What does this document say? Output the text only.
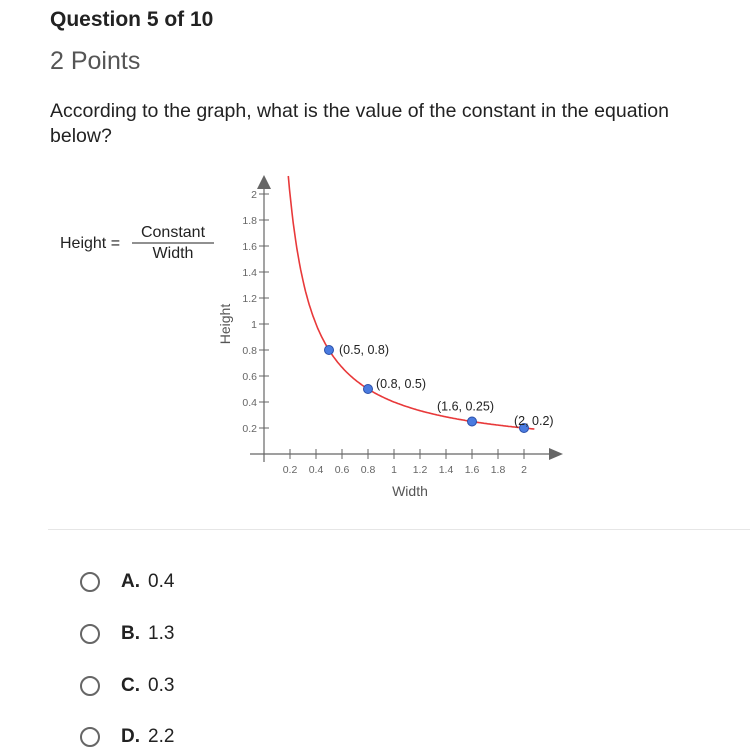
Question 5 of 10
2 Points
According to the graph, what is the value of the constant in the equation below?
Height =
Constant
Width
0.2
0.4
0.6
0.8
1
1.2
1.4
1.6
1.8
2
0.2 0.4 0.6 0.8 1 1.2 1.4 1.6 1.8 2
(0.5, 0.8)
(0.8, 0.5)
(1.6, 0.25)
(2, 0.2)
Height
Width
A. 0.4
B. 1.3
C. 0.3
D. 2.2
